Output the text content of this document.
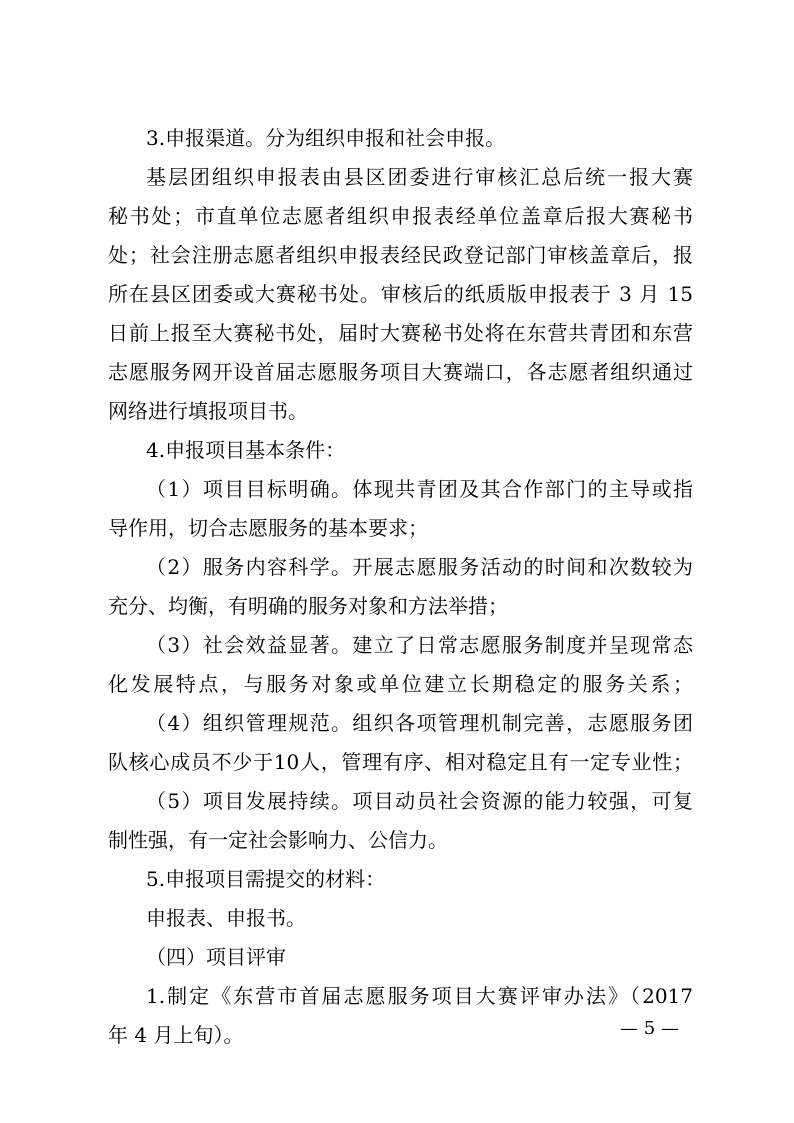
3.申报渠道。分为组织申报和社会申报。
基层团组织申报表由县区团委进行审核汇总后统一报大赛
秘书处；市直单位志愿者组织申报表经单位盖章后报大赛秘书
处；社会注册志愿者组织申报表经民政登记部门审核盖章后，报
所在县区团委或大赛秘书处。审核后的纸质版申报表于 3 月 15
日前上报至大赛秘书处，届时大赛秘书处将在东营共青团和东营
志愿服务网开设首届志愿服务项目大赛端口，各志愿者组织通过
网络进行填报项目书。
4.申报项目基本条件：
（1）项目目标明确。体现共青团及其合作部门的主导或指
导作用，切合志愿服务的基本要求；
（2）服务内容科学。开展志愿服务活动的时间和次数较为
充分、均衡，有明确的服务对象和方法举措；
（3）社会效益显著。建立了日常志愿服务制度并呈现常态
化发展特点，与服务对象或单位建立长期稳定的服务关系；
（4）组织管理规范。组织各项管理机制完善，志愿服务团
队核心成员不少于10人，管理有序、相对稳定且有一定专业性；
（5）项目发展持续。项目动员社会资源的能力较强，可复
制性强，有一定社会影响力、公信力。
5.申报项目需提交的材料：
申报表、申报书。
（四）项目评审
1.制定《东营市首届志愿服务项目大赛评审办法》（2017
年 4 月上旬）。	— 5 —
